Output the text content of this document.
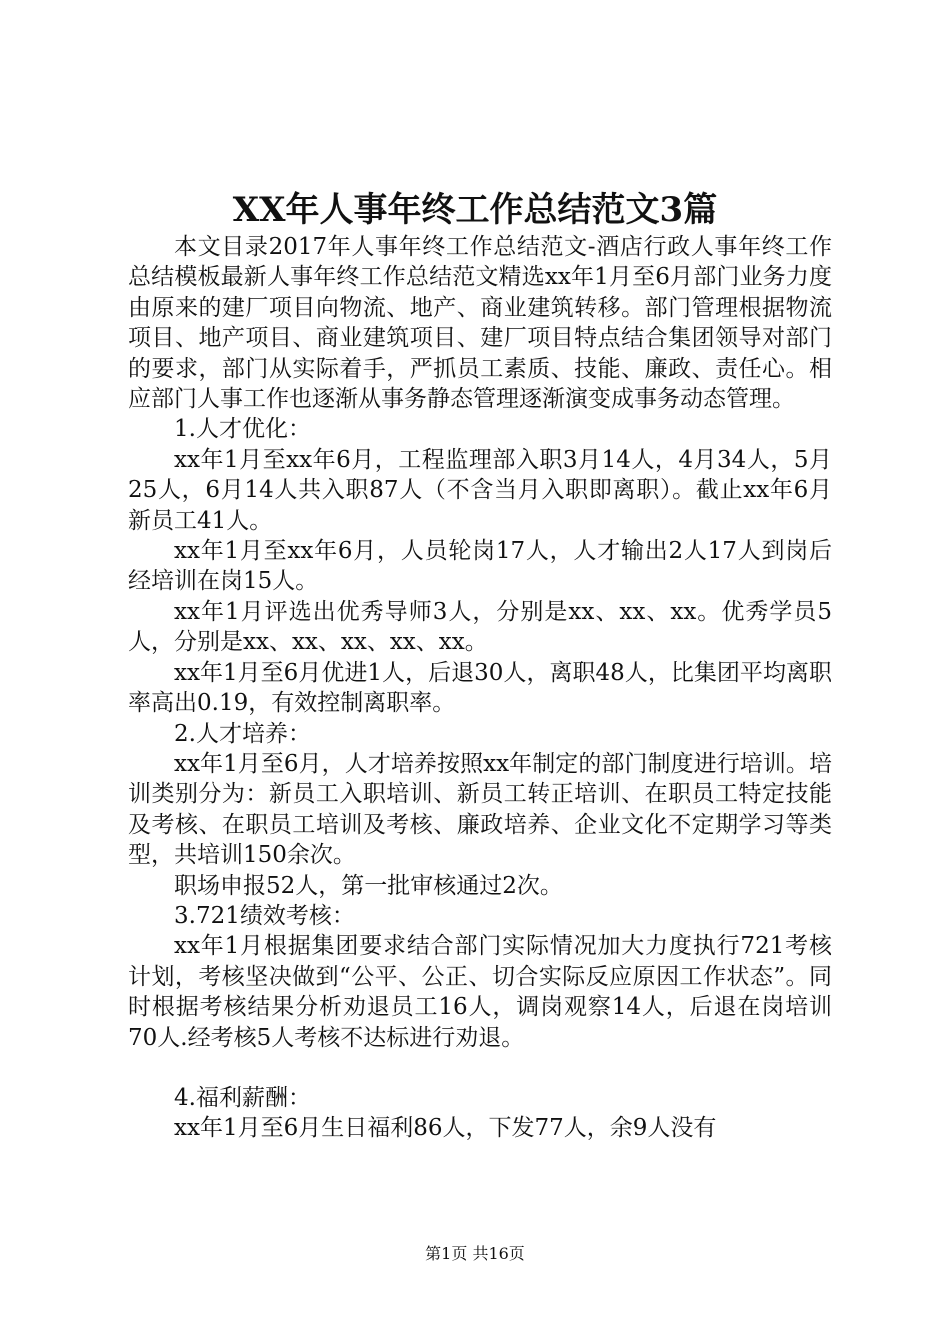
XX年人事年终工作总结范文3篇

本文目录2017年人事年终工作总结范文-酒店行政人事年终工作总结模板最新人事年终工作总结范文精选xx年1月至6月部门业务力度由原来的建厂项目向物流、地产、商业建筑转移。部门管理根据物流项目、地产项目、商业建筑项目、建厂项目特点结合集团领导对部门的要求，部门从实际着手，严抓员工素质、技能、廉政、责任心。相应部门人事工作也逐渐从事务静态管理逐渐演变成事务动态管理。

1.人才优化：

xx年1月至xx年6月，工程监理部入职3月14人，4月34人，5月25人，6月14人共入职87人（不含当月入职即离职）。截止xx年6月新员工41人。

xx年1月至xx年6月，人员轮岗17人，人才输出2人17人到岗后经培训在岗15人。

xx年1月评选出优秀导师3人，分别是xx、xx、xx。优秀学员5人，分别是xx、xx、xx、xx、xx。

xx年1月至6月优进1人，后退30人，离职48人，比集团平均离职率高出0.19，有效控制离职率。

2.人才培养：

xx年1月至6月，人才培养按照xx年制定的部门制度进行培训。培训类别分为：新员工入职培训、新员工转正培训、在职员工特定技能及考核、在职员工培训及考核、廉政培养、企业文化不定期学习等类型，共培训150余次。

职场申报52人，第一批审核通过2次。

3.721绩效考核：

xx年1月根据集团要求结合部门实际情况加大力度执行721考核计划，考核坚决做到“公平、公正、切合实际反应原因工作状态”。同时根据考核结果分析劝退员工16人，调岗观察14人，后退在岗培训70人.经考核5人考核不达标进行劝退。

4.福利薪酬：

xx年1月至6月生日福利86人，下发77人，余9人没有

第1页 共16页
